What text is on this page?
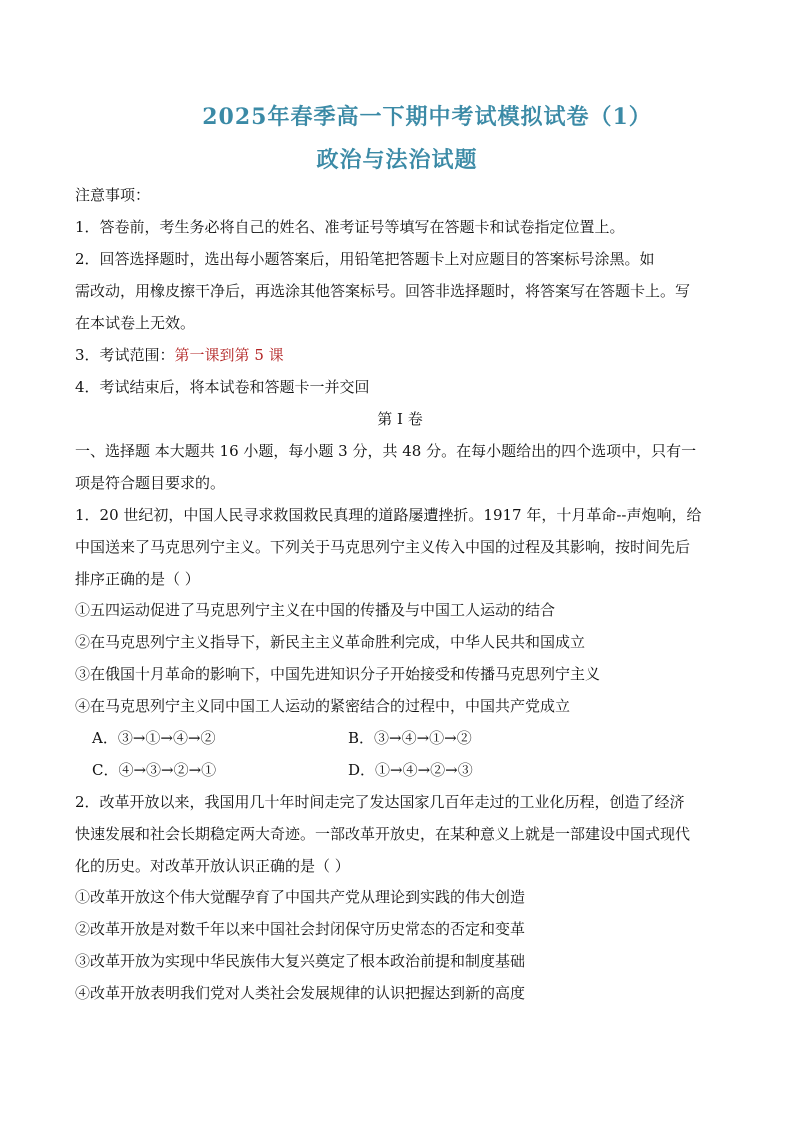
2025年春季高一下期中考试模拟试卷（1）
政治与法治试题
注意事项：
1．答卷前，考生务必将自己的姓名、准考证号等填写在答题卡和试卷指定位置上。
2．回答选择题时，选出每小题答案后，用铅笔把答题卡上对应题目的答案标号涂黑。如
需改动，用橡皮擦干净后，再选涂其他答案标号。回答非选择题时，将答案写在答题卡上。写
在本试卷上无效。
3．考试范围：第一课到第 5 课
4．考试结束后，将本试卷和答题卡一并交回
第 I 卷
一、选择题 本大题共 16 小题，每小题 3 分，共 48 分。在每小题给出的四个选项中，只有一
项是符合题目要求的。
1．20 世纪初，中国人民寻求救国救民真理的道路屡遭挫折。1917 年，十月革命--声炮响，给
中国送来了马克思列宁主义。下列关于马克思列宁主义传入中国的过程及其影响，按时间先后
排序正确的是（ ）
①五四运动促进了马克思列宁主义在中国的传播及与中国工人运动的结合
②在马克思列宁主义指导下，新民主主义革命胜利完成，中华人民共和国成立
③在俄国十月革命的影响下，中国先进知识分子开始接受和传播马克思列宁主义
④在马克思列宁主义同中国工人运动的紧密结合的过程中，中国共产党成立
A．③→①→④→②	B．③→④→①→②
C．④→③→②→①	D．①→④→②→③
2．改革开放以来，我国用几十年时间走完了发达国家几百年走过的工业化历程，创造了经济
快速发展和社会长期稳定两大奇迹。一部改革开放史，在某种意义上就是一部建设中国式现代
化的历史。对改革开放认识正确的是（ ）
①改革开放这个伟大觉醒孕育了中国共产党从理论到实践的伟大创造
②改革开放是对数千年以来中国社会封闭保守历史常态的否定和变革
③改革开放为实现中华民族伟大复兴奠定了根本政治前提和制度基础
④改革开放表明我们党对人类社会发展规律的认识把握达到新的高度
